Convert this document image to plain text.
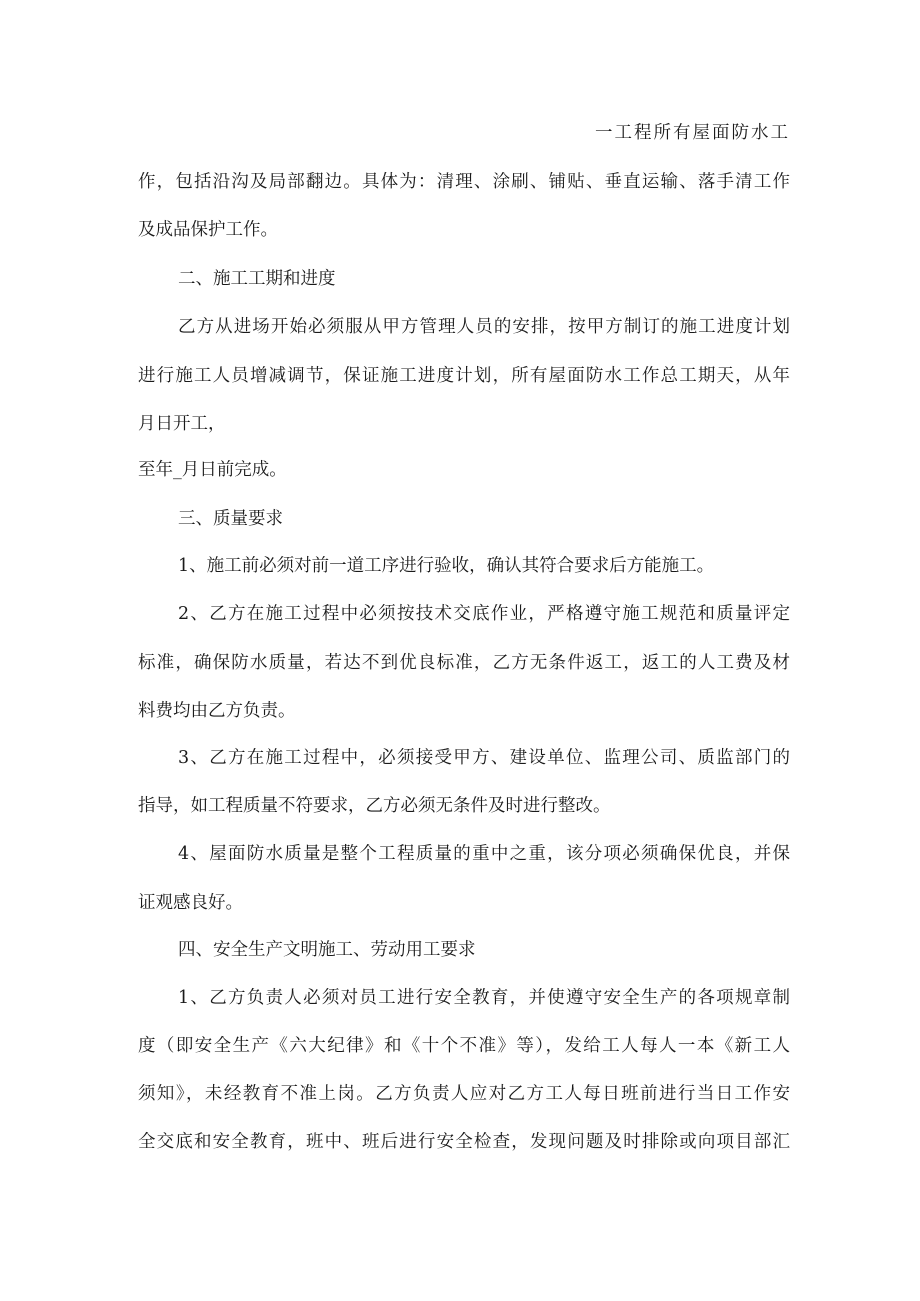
一工程所有屋面防水工
作，包括沿沟及局部翻边。具体为：清理、涂刷、铺贴、垂直运输、落手清工作
及成品保护工作。
二、施工工期和进度
乙方从进场开始必须服从甲方管理人员的安排，按甲方制订的施工进度计划
进行施工人员增减调节，保证施工进度计划，所有屋面防水工作总工期天，从年
月日开工，
至年_月日前完成。
三、质量要求
1、施工前必须对前一道工序进行验收，确认其符合要求后方能施工。
2、乙方在施工过程中必须按技术交底作业，严格遵守施工规范和质量评定
标准，确保防水质量，若达不到优良标准，乙方无条件返工，返工的人工费及材
料费均由乙方负责。
3、乙方在施工过程中，必须接受甲方、建设单位、监理公司、质监部门的
指导，如工程质量不符要求，乙方必须无条件及时进行整改。
4、屋面防水质量是整个工程质量的重中之重，该分项必须确保优良，并保
证观感良好。
四、安全生产文明施工、劳动用工要求
1、乙方负责人必须对员工进行安全教育，并使遵守安全生产的各项规章制
度（即安全生产《六大纪律》和《十个不准》等），发给工人每人一本《新工人
须知》，未经教育不准上岗。乙方负责人应对乙方工人每日班前进行当日工作安
全交底和安全教育，班中、班后进行安全检查，发现问题及时排除或向项目部汇
